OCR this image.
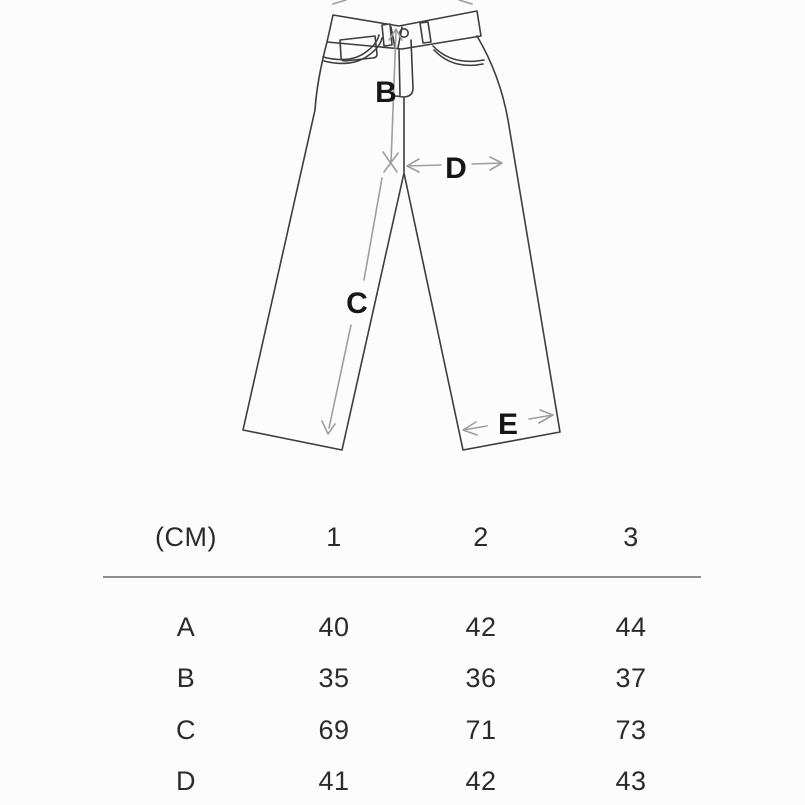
B
C
D
E
(CM)	1	2	3
A	40	42	44
B	35	36	37
C	69	71	73
D	41	42	43
